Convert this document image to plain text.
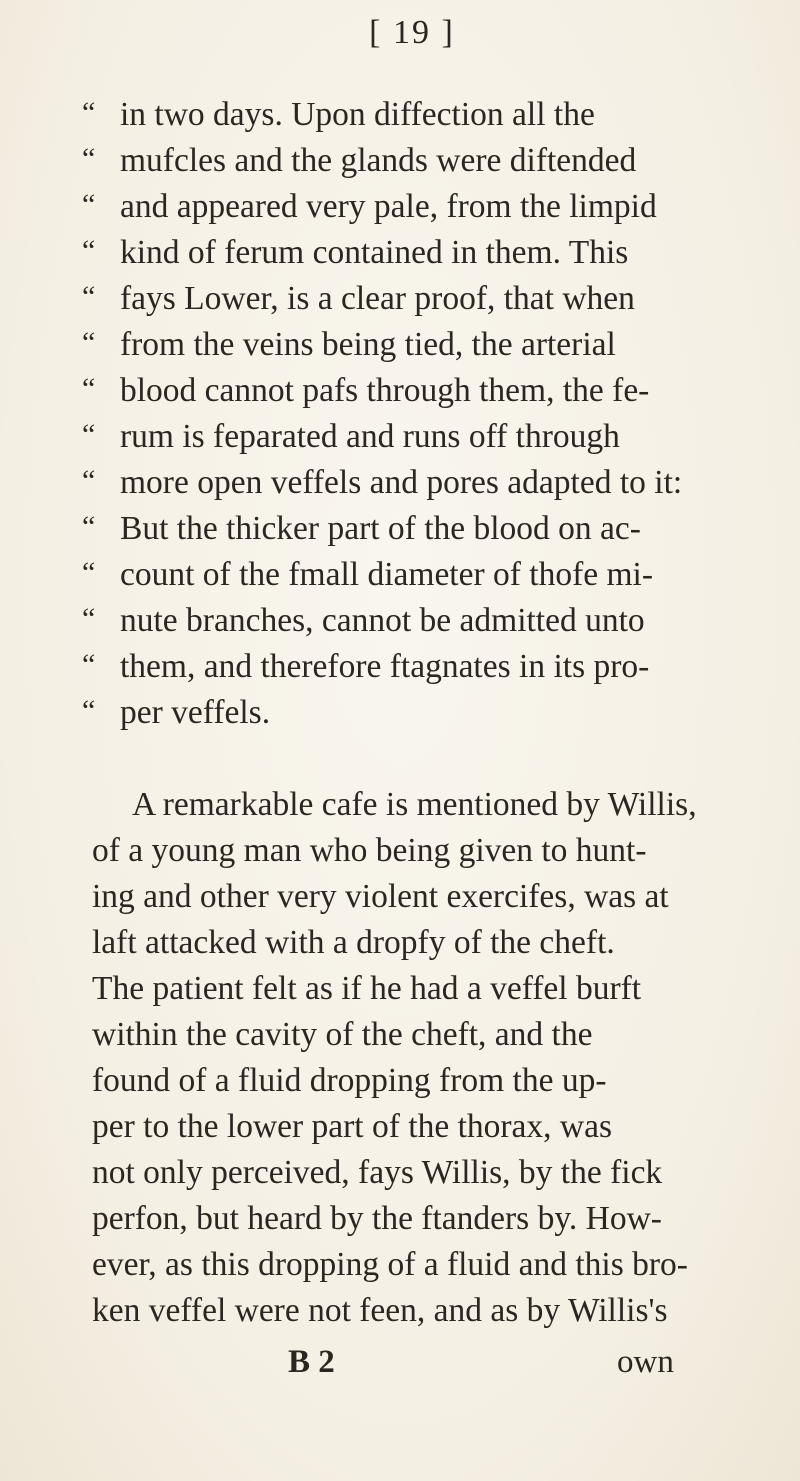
[ 19 ]
“ in two days. Upon diffection all the
“ mufcles and the glands were diftended
“ and appeared very pale, from the limpid
“ kind of ferum contained in them. This
“ fays Lower, is a clear proof, that when
“ from the veins being tied, the arterial
“ blood cannot pafs through them, the fe-
“ rum is feparated and runs off through
“ more open veffels and pores adapted to it:
“ But the thicker part of the blood on ac-
“ count of the fmall diameter of thofe mi-
“ nute branches, cannot be admitted unto
“ them, and therefore ftagnates in its pro-
“ per veffels.
A remarkable cafe is mentioned by Willis,
of a young man who being given to hunt-
ing and other very violent exercifes, was at
laft attacked with a dropfy of the cheft.
The patient felt as if he had a veffel burft
within the cavity of the cheft, and the
found of a fluid dropping from the up-
per to the lower part of the thorax, was
not only perceived, fays Willis, by the fick
perfon, but heard by the ftanders by. How-
ever, as this dropping of a fluid and this bro-
ken veffel were not feen, and as by Willis's
B 2	own
